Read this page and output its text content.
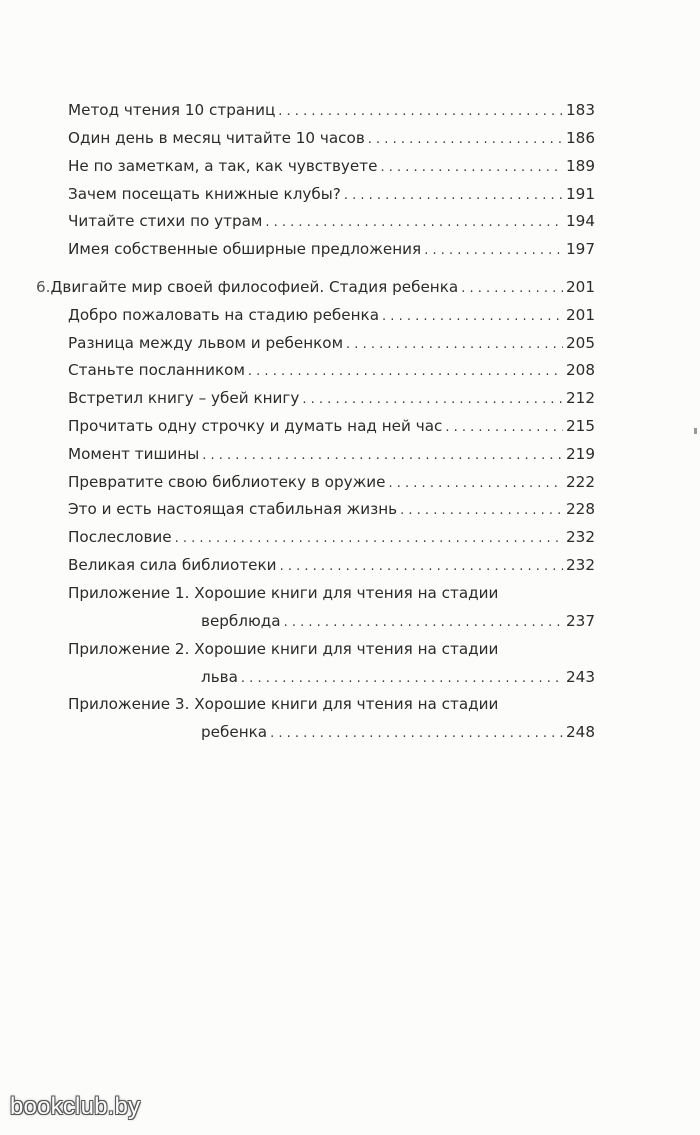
Метод чтения 10 страниц . . .	183
Один день в месяц читайте 10 часов . . .	186
Не по заметкам, а так, как чувствуете . . .	189
Зачем посещать книжные клубы? . . .	191
Читайте стихи по утрам . . .	194
Имея собственные обширные предложения . . .	197
6. Двигайте мир своей философией. Стадия ребенка . . .	201
Добро пожаловать на стадию ребенка . . .	201
Разница между львом и ребенком . . .	205
Станьте посланником . . .	208
Встретил книгу – убей книгу . . .	212
Прочитать одну строчку и думать над ней час . . .	215
Момент тишины . . .	219
Превратите свою библиотеку в оружие . . .	222
Это и есть настоящая стабильная жизнь . . .	228
Послесловие . . .	232
Великая сила библиотеки . . .	232
Приложение 1. Хорошие книги для чтения на стадии
верблюда . . .	237
Приложение 2. Хорошие книги для чтения на стадии
льва . . .	243
Приложение 3. Хорошие книги для чтения на стадии
ребенка . . .	248
bookclub.by
